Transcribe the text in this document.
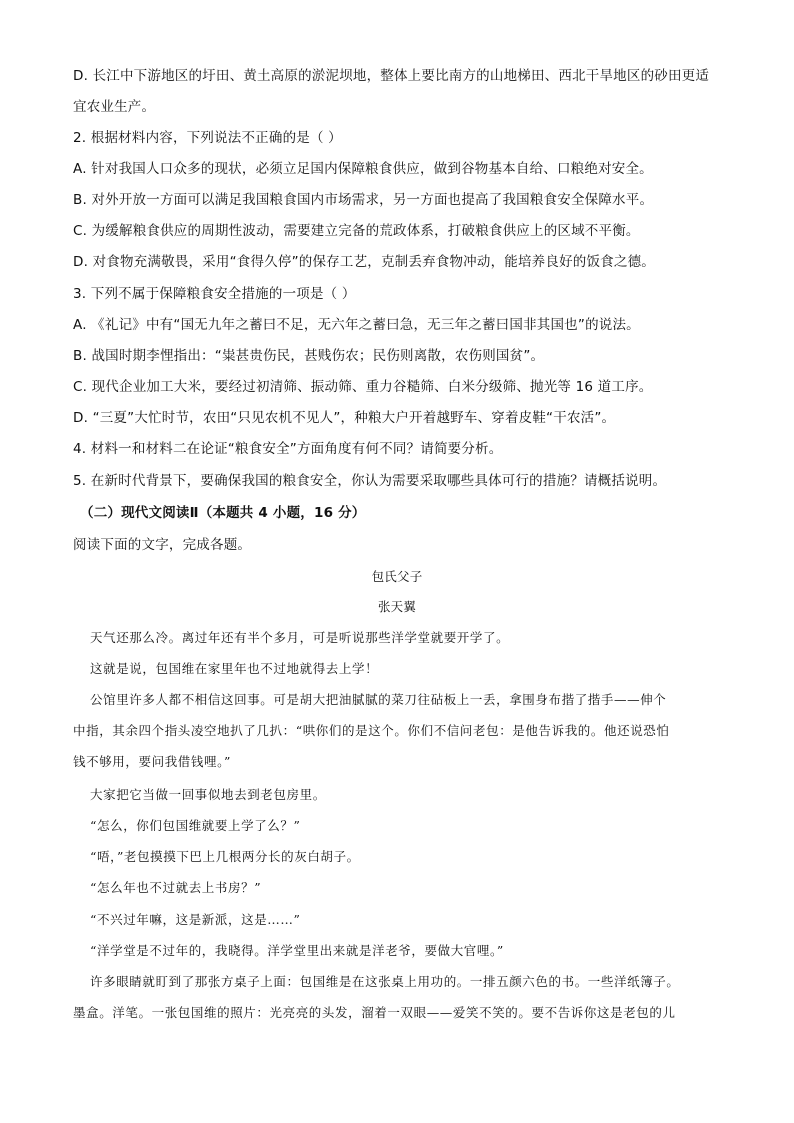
D. 长江中下游地区的圩田、黄土高原的淤泥坝地，整体上要比南方的山地梯田、西北干旱地区的砂田更适
宜农业生产。
2. 根据材料内容，下列说法不正确的是（ ）
A. 针对我国人口众多的现状，必须立足国内保障粮食供应，做到谷物基本自给、口粮绝对安全。
B. 对外开放一方面可以满足我国粮食国内市场需求，另一方面也提高了我国粮食安全保障水平。
C. 为缓解粮食供应的周期性波动，需要建立完备的荒政体系，打破粮食供应上的区域不平衡。
D. 对食物充满敬畏，采用“食得久停”的保存工艺，克制丢弃食物冲动，能培养良好的饭食之德。
3. 下列不属于保障粮食安全措施的一项是（ ）
A. 《礼记》中有“国无九年之蓄曰不足，无六年之蓄曰急，无三年之蓄曰国非其国也”的说法。
B. 战国时期李悝指出：“粜甚贵伤民，甚贱伤农；民伤则离散，农伤则国贫”。
C. 现代企业加工大米，要经过初清筛、振动筛、重力谷糙筛、白米分级筛、抛光等 16 道工序。
D. “三夏”大忙时节，农田“只见农机不见人”，种粮大户开着越野车、穿着皮鞋“干农活”。
4. 材料一和材料二在论证“粮食安全”方面角度有何不同？请简要分析。
5. 在新时代背景下，要确保我国的粮食安全，你认为需要采取哪些具体可行的措施？请概括说明。
（二）现代文阅读Ⅱ（本题共 4 小题，16 分）
阅读下面的文字，完成各题。
包氏父子
张天翼
天气还那么冷。离过年还有半个多月，可是听说那些洋学堂就要开学了。
这就是说，包国维在家里年也不过地就得去上学！
公馆里许多人都不相信这回事。可是胡大把油腻腻的菜刀往砧板上一丢，拿围身布揩了揩手——伸个
中指，其余四个指头凌空地扒了几扒：“哄你们的是这个。你们不信问老包：是他告诉我的。他还说恐怕
钱不够用，要问我借钱哩。”
大家把它当做一回事似地去到老包房里。
“怎么，你们包国维就要上学了么？”
“唔，”老包摸摸下巴上几根两分长的灰白胡子。
“怎么年也不过就去上书房？”
“不兴过年嘛，这是新派，这是……”
“洋学堂是不过年的，我晓得。洋学堂里出来就是洋老爷，要做大官哩。”
许多眼睛就盯到了那张方桌子上面：包国维是在这张桌上用功的。一排五颜六色的书。一些洋纸簿子。
墨盒。洋笔。一张包国维的照片：光亮亮的头发，溜着一双眼——爱笑不笑的。要不告诉你这是老包的儿
